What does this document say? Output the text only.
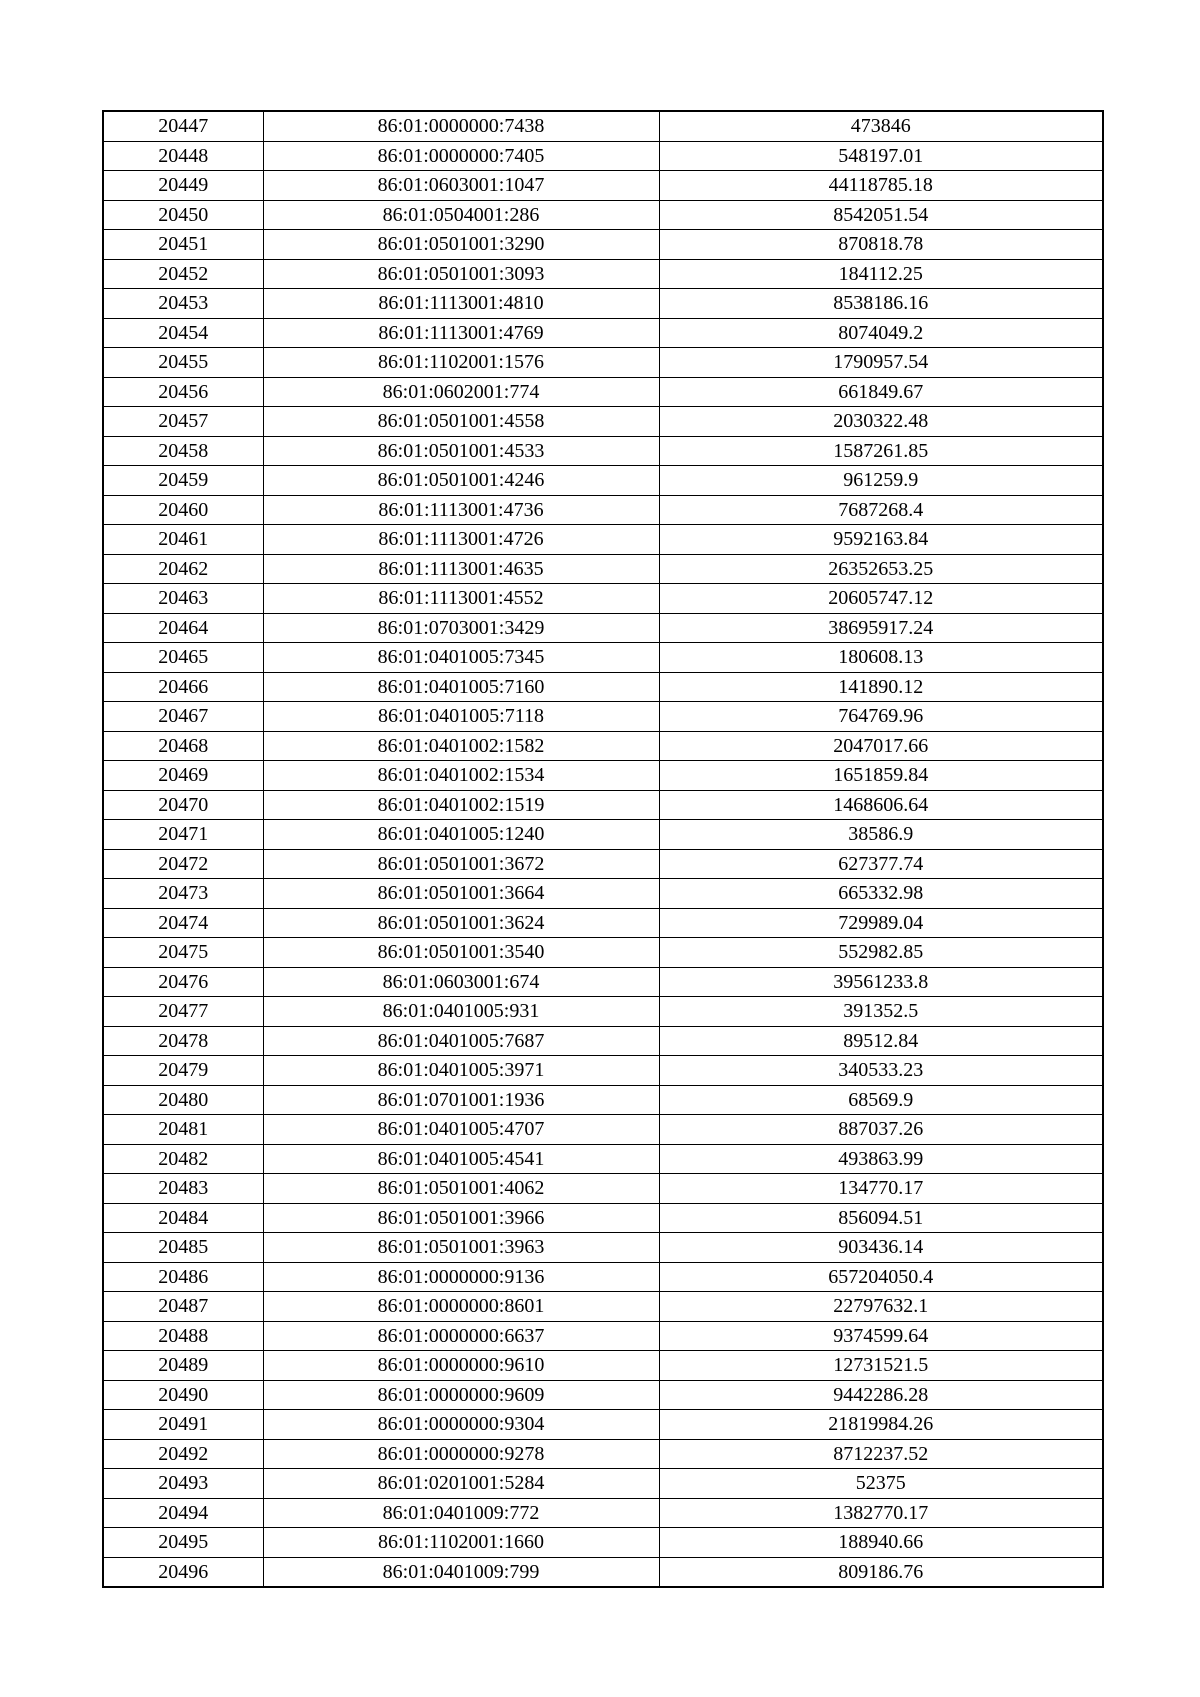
20447	86:01:0000000:7438	473846
20448	86:01:0000000:7405	548197.01
20449	86:01:0603001:1047	44118785.18
20450	86:01:0504001:286	8542051.54
20451	86:01:0501001:3290	870818.78
20452	86:01:0501001:3093	184112.25
20453	86:01:1113001:4810	8538186.16
20454	86:01:1113001:4769	8074049.2
20455	86:01:1102001:1576	1790957.54
20456	86:01:0602001:774	661849.67
20457	86:01:0501001:4558	2030322.48
20458	86:01:0501001:4533	1587261.85
20459	86:01:0501001:4246	961259.9
20460	86:01:1113001:4736	7687268.4
20461	86:01:1113001:4726	9592163.84
20462	86:01:1113001:4635	26352653.25
20463	86:01:1113001:4552	20605747.12
20464	86:01:0703001:3429	38695917.24
20465	86:01:0401005:7345	180608.13
20466	86:01:0401005:7160	141890.12
20467	86:01:0401005:7118	764769.96
20468	86:01:0401002:1582	2047017.66
20469	86:01:0401002:1534	1651859.84
20470	86:01:0401002:1519	1468606.64
20471	86:01:0401005:1240	38586.9
20472	86:01:0501001:3672	627377.74
20473	86:01:0501001:3664	665332.98
20474	86:01:0501001:3624	729989.04
20475	86:01:0501001:3540	552982.85
20476	86:01:0603001:674	39561233.8
20477	86:01:0401005:931	391352.5
20478	86:01:0401005:7687	89512.84
20479	86:01:0401005:3971	340533.23
20480	86:01:0701001:1936	68569.9
20481	86:01:0401005:4707	887037.26
20482	86:01:0401005:4541	493863.99
20483	86:01:0501001:4062	134770.17
20484	86:01:0501001:3966	856094.51
20485	86:01:0501001:3963	903436.14
20486	86:01:0000000:9136	657204050.4
20487	86:01:0000000:8601	22797632.1
20488	86:01:0000000:6637	9374599.64
20489	86:01:0000000:9610	12731521.5
20490	86:01:0000000:9609	9442286.28
20491	86:01:0000000:9304	21819984.26
20492	86:01:0000000:9278	8712237.52
20493	86:01:0201001:5284	52375
20494	86:01:0401009:772	1382770.17
20495	86:01:1102001:1660	188940.66
20496	86:01:0401009:799	809186.76
